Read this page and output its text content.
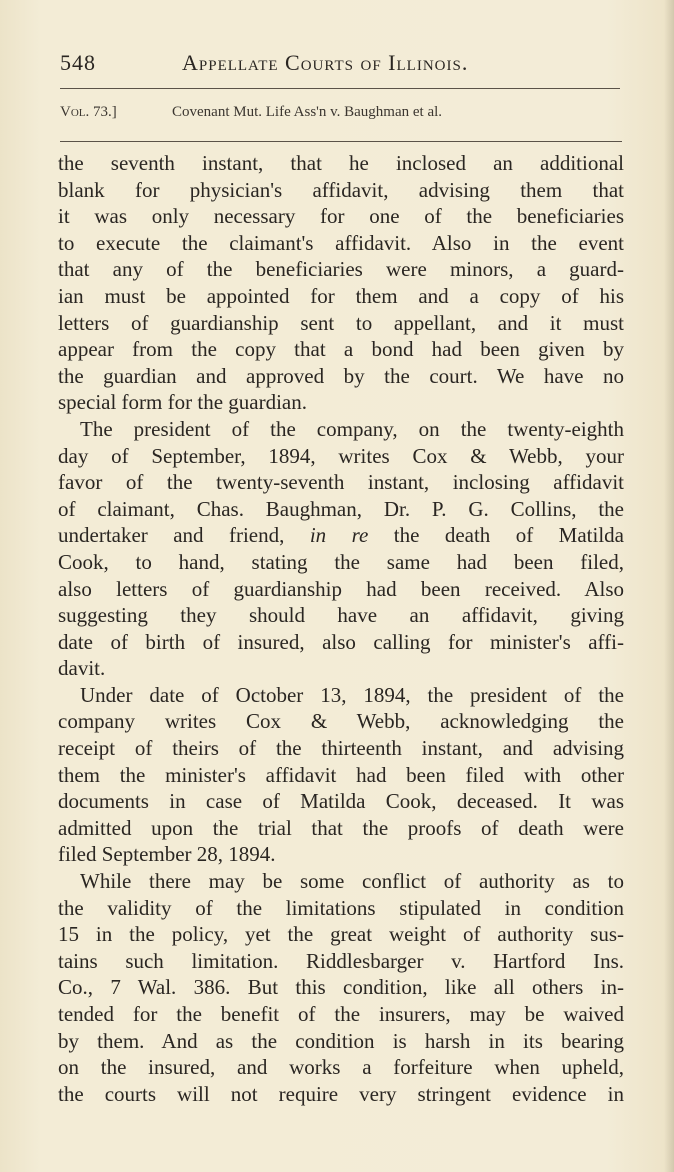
548	Appellate Courts of Illinois.
Vol. 73.]	Covenant Mut. Life Ass'n v. Baughman et al.
the seventh instant, that he inclosed an additional
blank for physician's affidavit, advising them that
it was only necessary for one of the beneficiaries
to execute the claimant's affidavit. Also in the event
that any of the beneficiaries were minors, a guard-
ian must be appointed for them and a copy of his
letters of guardianship sent to appellant, and it must
appear from the copy that a bond had been given by
the guardian and approved by the court. We have no
special form for the guardian.
The president of the company, on the twenty-eighth
day of September, 1894, writes Cox & Webb, your
favor of the twenty-seventh instant, inclosing affidavit
of claimant, Chas. Baughman, Dr. P. G. Collins, the
undertaker and friend, in re the death of Matilda
Cook, to hand, stating the same had been filed,
also letters of guardianship had been received. Also
suggesting they should have an affidavit, giving
date of birth of insured, also calling for minister's affi-
davit.
Under date of October 13, 1894, the president of the
company writes Cox & Webb, acknowledging the
receipt of theirs of the thirteenth instant, and advising
them the minister's affidavit had been filed with other
documents in case of Matilda Cook, deceased. It was
admitted upon the trial that the proofs of death were
filed September 28, 1894.
While there may be some conflict of authority as to
the validity of the limitations stipulated in condition
15 in the policy, yet the great weight of authority sus-
tains such limitation. Riddlesbarger v. Hartford Ins.
Co., 7 Wal. 386. But this condition, like all others in-
tended for the benefit of the insurers, may be waived
by them. And as the condition is harsh in its bearing
on the insured, and works a forfeiture when upheld,
the courts will not require very stringent evidence in
